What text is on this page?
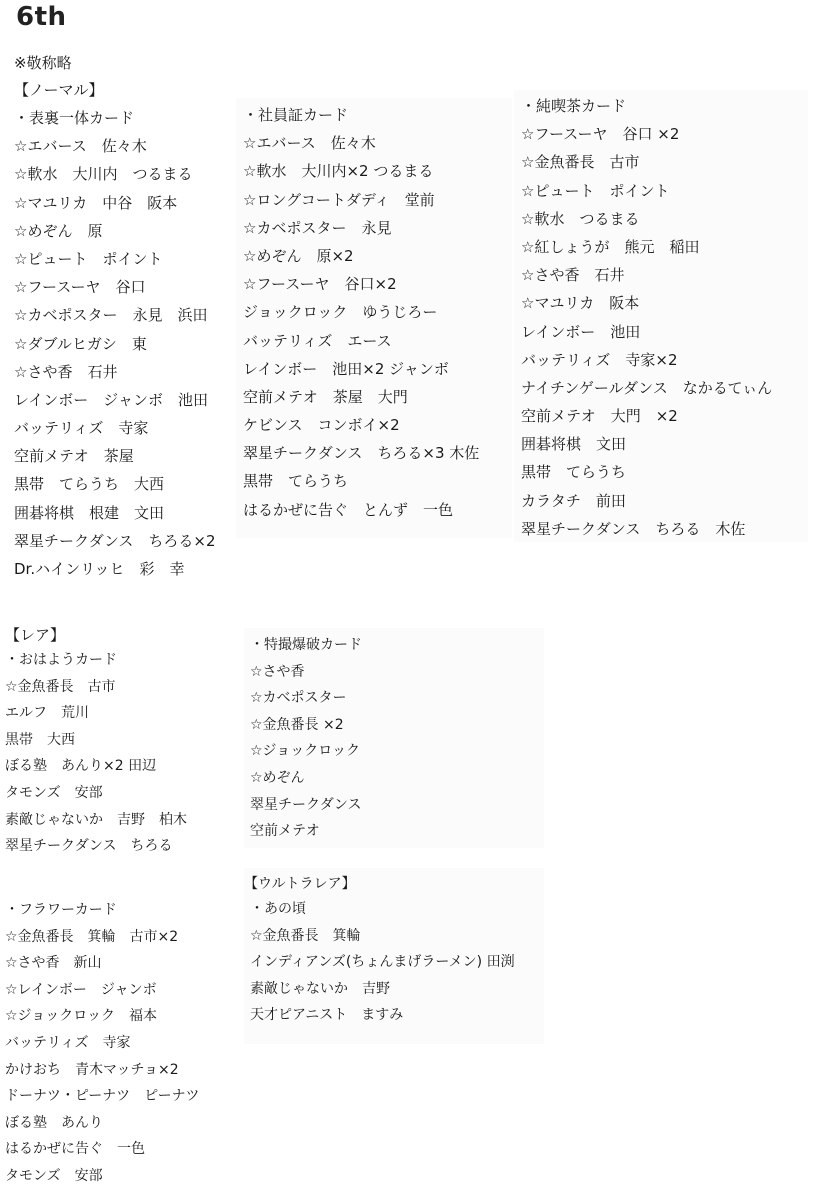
6th
※敬称略
【ノーマル】
・表裏一体カード
☆エバース　佐々木
☆軟水　大川内　つるまる
☆マユリカ　中谷　阪本
☆めぞん　原
☆ピュート　ポイント
☆フースーヤ　谷口
☆カベポスター　永見　浜田
☆ダブルヒガシ　東
☆さや香　石井
レインボー　ジャンボ　池田
バッテリィズ　寺家
空前メテオ　茶屋
黒帯　てらうち　大西
囲碁将棋　根建　文田
翠星チークダンス　ちろる×2
Dr.ハインリッヒ　彩　幸
・社員証カード
☆エバース　佐々木
☆軟水　大川内×2 つるまる
☆ロングコートダディ　堂前
☆カベポスター　永見
☆めぞん　原×2
☆フースーヤ　谷口×2
ジョックロック　ゆうじろー
バッテリィズ　エース
レインボー　池田×2 ジャンボ
空前メテオ　茶屋　大門
ケビンス　コンボイ×2
翠星チークダンス　ちろる×3 木佐
黒帯　てらうち
はるかぜに告ぐ　とんず　一色
・純喫茶カード
☆フースーヤ　谷口 ×2
☆金魚番長　古市
☆ピュート　ポイント
☆軟水　つるまる
☆紅しょうが　熊元　稲田
☆さや香　石井
☆マユリカ　阪本
レインボー　池田
バッテリィズ　寺家×2
ナイチンゲールダンス　なかるてぃん
空前メテオ　大門　×2
囲碁将棋　文田
黒帯　てらうち
カラタチ　前田
翠星チークダンス　ちろる　木佐
【レア】
・おはようカード
☆金魚番長　古市
エルフ　荒川
黒帯　大西
ぼる塾　あんり×2 田辺
タモンズ　安部
素敵じゃないか　吉野　柏木
翠星チークダンス　ちろる
・フラワーカード
☆金魚番長　箕輪　古市×2
☆さや香　新山
☆レインボー　ジャンボ
☆ジョックロック　福本
バッテリィズ　寺家
かけおち　青木マッチョ×2
ドーナツ・ピーナツ　ピーナツ
ぼる塾　あんり
はるかぜに告ぐ　一色
タモンズ　安部
・特撮爆破カード
☆さや香
☆カベポスター
☆金魚番長 ×2
☆ジョックロック
☆めぞん
翠星チークダンス
空前メテオ
【ウルトラレア】
・あの頃
☆金魚番長　箕輪
インディアンズ(ちょんまげラーメン) 田渕
素敵じゃないか　吉野
天才ピアニスト　ますみ
